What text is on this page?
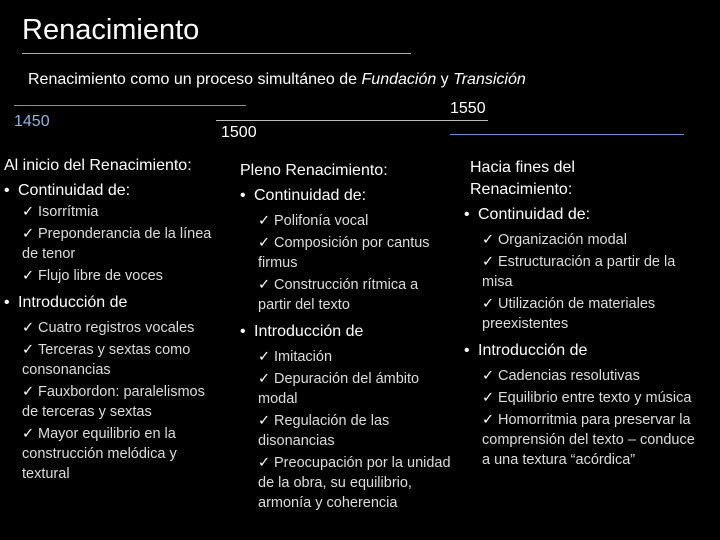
Renacimiento
Renacimiento como un proceso simultáneo de Fundación y Transición
1450
1500
1550
Al inicio del Renacimiento:
• Continuidad de:
✓ Isorrítmia
✓ Preponderancia de la línea de tenor
✓ Flujo libre de voces
• Introducción de
✓ Cuatro registros vocales
✓ Terceras y sextas como consonancias
✓ Fauxbordon: paralelismos de terceras y sextas
✓ Mayor equilibrio en la construcción melódica y textural
Pleno Renacimiento:
• Continuidad de:
✓ Polifonía vocal
✓ Composición por cantus firmus
✓ Construcción rítmica a partir del texto
• Introducción de
✓ Imitación
✓ Depuración del ámbito modal
✓ Regulación de las disonancias
✓ Preocupación por la unidad de la obra, su equilibrio, armonía y coherencia
Hacia fines del Renacimiento:
• Continuidad de:
✓ Organización modal
✓ Estructuración a partir de la misa
✓ Utilización de materiales preexistentes
• Introducción de
✓ Cadencias resolutivas
✓ Equilibrio entre texto y música
✓ Homorritmia para preservar la comprensión del texto – conduce a una textura “acórdica”
